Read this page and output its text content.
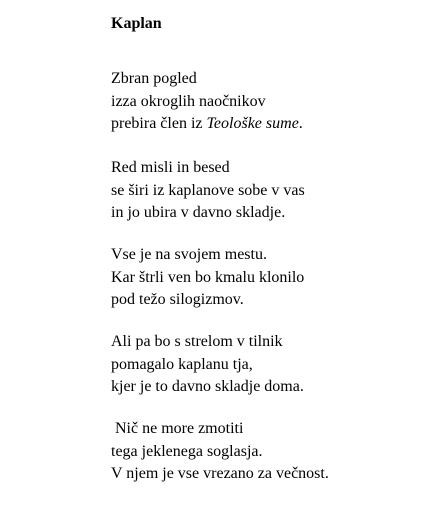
Kaplan

Zbran pogled
izza okroglih naočnikov
prebira člen iz Teološke sume.

Red misli in besed
se širi iz kaplanove sobe v vas
in jo ubira v davno skladje.

Vse je na svojem mestu.
Kar štrli ven bo kmalu klonilo
pod težo silogizmov.

Ali pa bo s strelom v tilnik
pomagalo kaplanu tja,
kjer je to davno skladje doma.

Nič ne more zmotiti
tega jeklenega soglasja.
V njem je vse vrezano za večnost.
